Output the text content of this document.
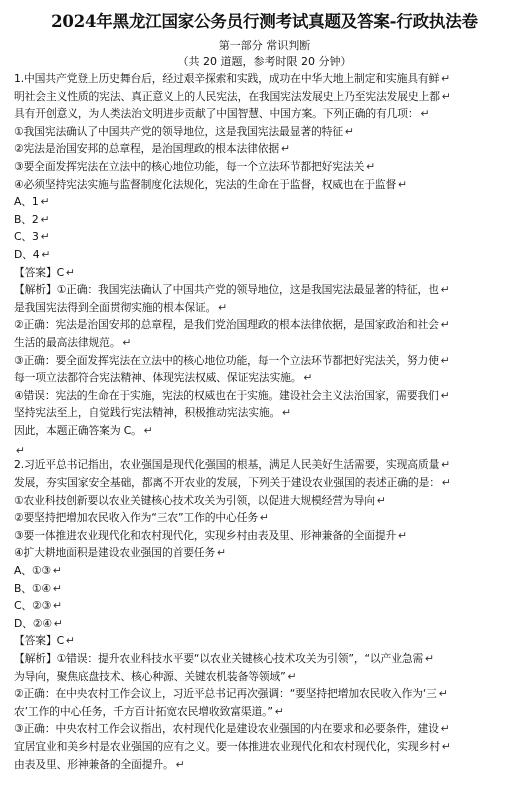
2024年黑龙江国家公务员行测考试真题及答案-行政执法卷
第一部分 常识判断
（共 20 道题，参考时限 20 分钟）
1.中国共产党登上历史舞台后，经过艰辛探索和实践，成功在中华大地上制定和实施具有鲜 ↵
明社会主义性质的宪法、真正意义上的人民宪法，在我国宪法发展史上乃至宪法发展史上都 ↵
具有开创意义，为人类法治文明进步贡献了中国智慧、中国方案。下列正确的有几项： ↵
①我国宪法确认了中国共产党的领导地位，这是我国宪法最显著的特征 ↵
②宪法是治国安邦的总章程，是治国理政的根本法律依据 ↵
③要全面发挥宪法在立法中的核心地位功能，每一个立法环节都把好宪法关 ↵
④必须坚持宪法实施与监督制度化法规化，宪法的生命在于监督，权威也在于监督 ↵
A、1 ↵
B、2 ↵
C、3 ↵
D、4 ↵
【答案】C ↵
【解析】①正确：我国宪法确认了中国共产党的领导地位，这是我国宪法最显著的特征，也 ↵
是我国宪法得到全面贯彻实施的根本保证。 ↵
②正确：宪法是治国安邦的总章程，是我们党治国理政的根本法律依据，是国家政治和社会 ↵
生活的最高法律规范。 ↵
③正确：要全面发挥宪法在立法中的核心地位功能，每一个立法环节都把好宪法关，努力使 ↵
每一项立法都符合宪法精神、体现宪法权威、保证宪法实施。 ↵
④错误：宪法的生命在于实施，宪法的权威也在于实施。建设社会主义法治国家，需要我们 ↵
坚持宪法至上，自觉践行宪法精神，积极推动宪法实施。 ↵
因此，本题正确答案为 C。 ↵
↵
2.习近平总书记指出，农业强国是现代化强国的根基，满足人民美好生活需要，实现高质量 ↵
发展，夯实国家安全基础，都离不开农业的发展，下列关于建设农业强国的表述正确的是： ↵
①农业科技创新要以农业关键核心技术攻关为引领，以促进大规模经营为导向 ↵
②要坚持把增加农民收入作为“三农”工作的中心任务 ↵
③要一体推进农业现代化和农村现代化，实现乡村由表及里、形神兼备的全面提升 ↵
④扩大耕地面积是建设农业强国的首要任务 ↵
A、①③ ↵
B、①④ ↵
C、②③ ↵
D、②④ ↵
【答案】C ↵
【解析】①错误：提升农业科技水平要“以农业关键核心技术攻关为引领”，“以产业急需 ↵
为导向，聚焦底盘技术、核心种源、关键农机装备等领域” ↵
②正确：在中央农村工作会议上，习近平总书记再次强调：“要坚持把增加农民收入作为‘三 ↵
农’工作的中心任务，千方百计拓宽农民增收致富渠道。” ↵
③正确：中央农村工作会议指出，农村现代化是建设农业强国的内在要求和必要条件，建设 ↵
宜居宜业和美乡村是农业强国的应有之义。要一体推进农业现代化和农村现代化，实现乡村 ↵
由表及里、形神兼备的全面提升。 ↵
